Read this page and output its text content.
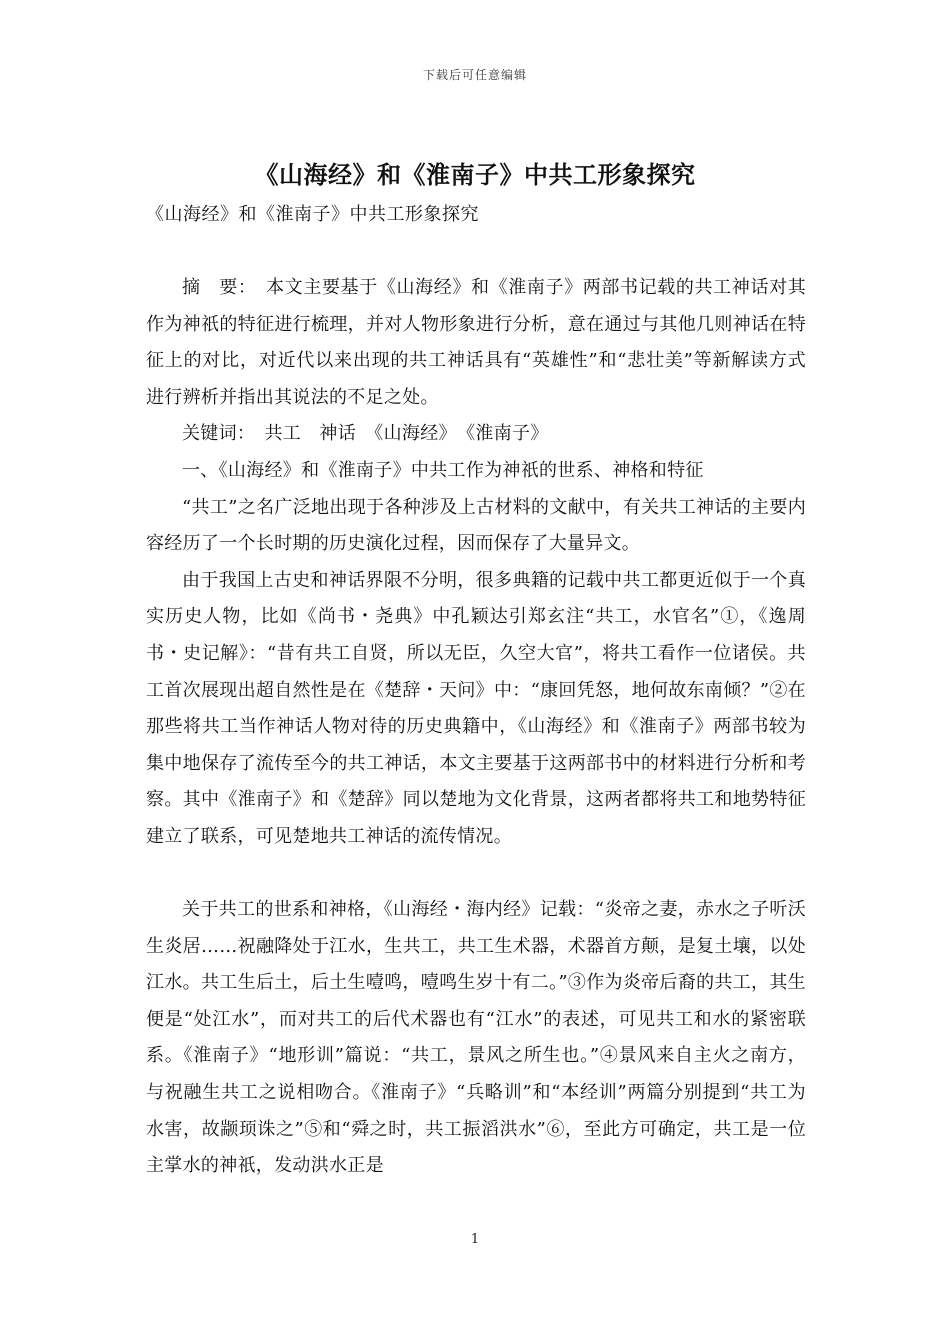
下载后可任意编辑
《山海经》和《淮南子》中共工形象探究
《山海经》和《淮南子》中共工形象探究

摘　要：　本文主要基于《山海经》和《淮南子》两部书记载的共工神话对其作为神祇的特征进行梳理，并对人物形象进行分析，意在通过与其他几则神话在特征上的对比，对近代以来出现的共工神话具有“英雄性”和“悲壮美”等新解读方式进行辨析并指出其说法的不足之处。

关键词：　共工　神话　《山海经》　《淮南子》

一、《山海经》和《淮南子》中共工作为神祇的世系、神格和特征

“共工”之名广泛地出现于各种涉及上古材料的文献中，有关共工神话的主要内容经历了一个长时期的历史演化过程，因而保存了大量异文。

由于我国上古史和神话界限不分明，很多典籍的记载中共工都更近似于一个真实历史人物，比如《尚书・尧典》中孔颖达引郑玄注“共工，水官名”①，《逸周书・史记解》：“昔有共工自贤，所以无臣，久空大官”，将共工看作一位诸侯。共工首次展现出超自然性是在《楚辞・天问》中：“康回凭怒，地何故东南倾？”②在那些将共工当作神话人物对待的历史典籍中，《山海经》和《淮南子》两部书较为集中地保存了流传至今的共工神话，本文主要基于这两部书中的材料进行分析和考察。其中《淮南子》和《楚辞》同以楚地为文化背景，这两者都将共工和地势特征建立了联系，可见楚地共工神话的流传情况。

关于共工的世系和神格，《山海经・海内经》记载：“炎帝之妻，赤水之子听沃生炎居……祝融降处于江水，生共工，共工生术器，术器首方颠，是复土壤，以处江水。共工生后土，后土生噎鸣，噎鸣生岁十有二。”③作为炎帝后裔的共工，其生便是“处江水”，而对共工的后代术器也有“江水”的表述，可见共工和水的紧密联系。《淮南子》“地形训”篇说：“共工，景风之所生也。”④景风来自主火之南方，与祝融生共工之说相吻合。《淮南子》“兵略训”和“本经训”两篇分别提到“共工为水害，故颛顼诛之”⑤和“舜之时，共工振滔洪水”⑥，至此方可确定，共工是一位主掌水的神祇，发动洪水正是

1
